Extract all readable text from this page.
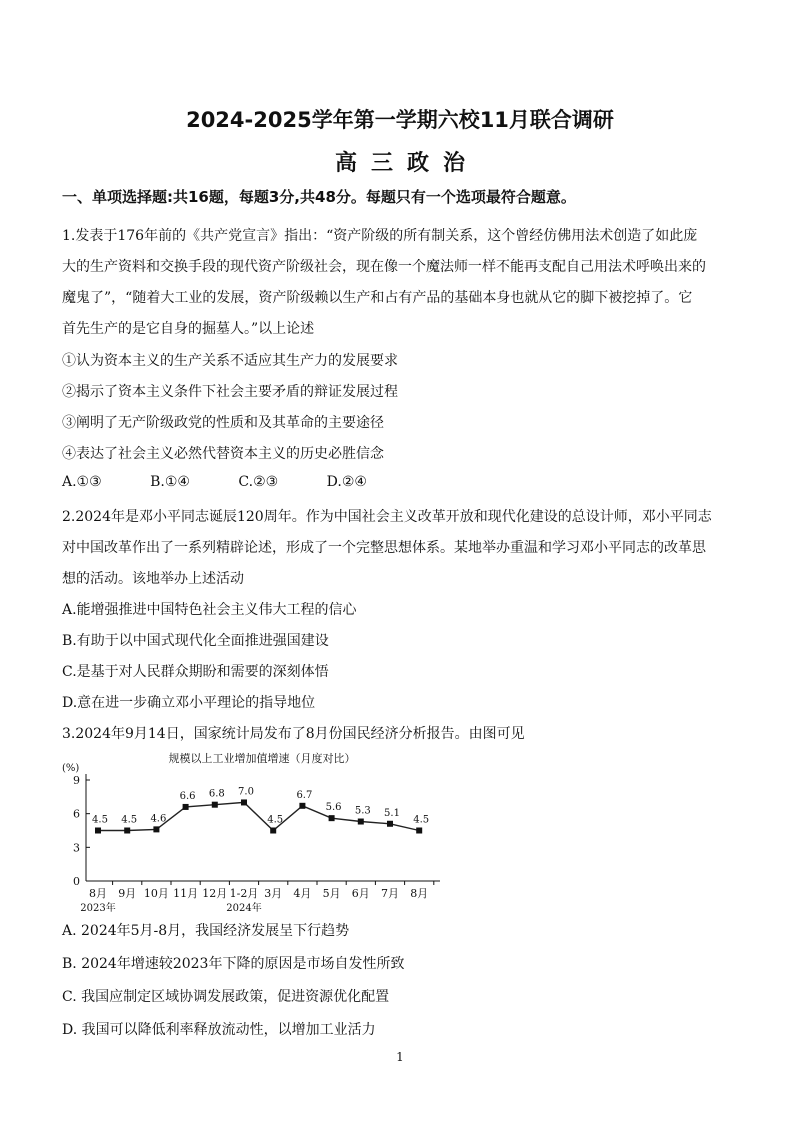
2024-2025学年第一学期六校11月联合调研
高三政治
一、单项选择题:共16题，每题3分,共48分。每题只有一个选项最符合题意。
1.发表于176年前的《共产党宣言》指出：“资产阶级的所有制关系，这个曾经仿佛用法术创造了如此庞
大的生产资料和交换手段的现代资产阶级社会，现在像一个魔法师一样不能再支配自己用法术呼唤出来的
魔鬼了”，“随着大工业的发展，资产阶级赖以生产和占有产品的基础本身也就从它的脚下被挖掉了。它
首先生产的是它自身的掘墓人。”以上论述
①认为资本主义的生产关系不适应其生产力的发展要求
②揭示了资本主义条件下社会主要矛盾的辩证发展过程
③阐明了无产阶级政党的性质和及其革命的主要途径
④表达了社会主义必然代替资本主义的历史必胜信念
A.①③	B.①④	C.②③	D.②④
2.2024年是邓小平同志诞辰120周年。作为中国社会主义改革开放和现代化建设的总设计师，邓小平同志
对中国改革作出了一系列精辟论述，形成了一个完整思想体系。某地举办重温和学习邓小平同志的改革思
想的活动。该地举办上述活动
A.能增强推进中国特色社会主义伟大工程的信心
B.有助于以中国式现代化全面推进强国建设
C.是基于对人民群众期盼和需要的深刻体悟
D.意在进一步确立邓小平理论的指导地位
3.2024年9月14日，国家统计局发布了8月份国民经济分析报告。由图可见
规模以上工业增加值增速（月度对比）
(%)
0
3
6
9
4.5
8月
4.5
9月
4.6
10月
6.6
11月
6.8
12月
7.0
1-2月
4.5
3月
6.7
4月
5.6
5月
5.3
6月
5.1
7月
4.5
8月
2023年	2024年
A. 2024年5月-8月，我国经济发展呈下行趋势
B. 2024年增速较2023年下降的原因是市场自发性所致
C. 我国应制定区域协调发展政策，促进资源优化配置
D. 我国可以降低利率释放流动性，以增加工业活力
1
